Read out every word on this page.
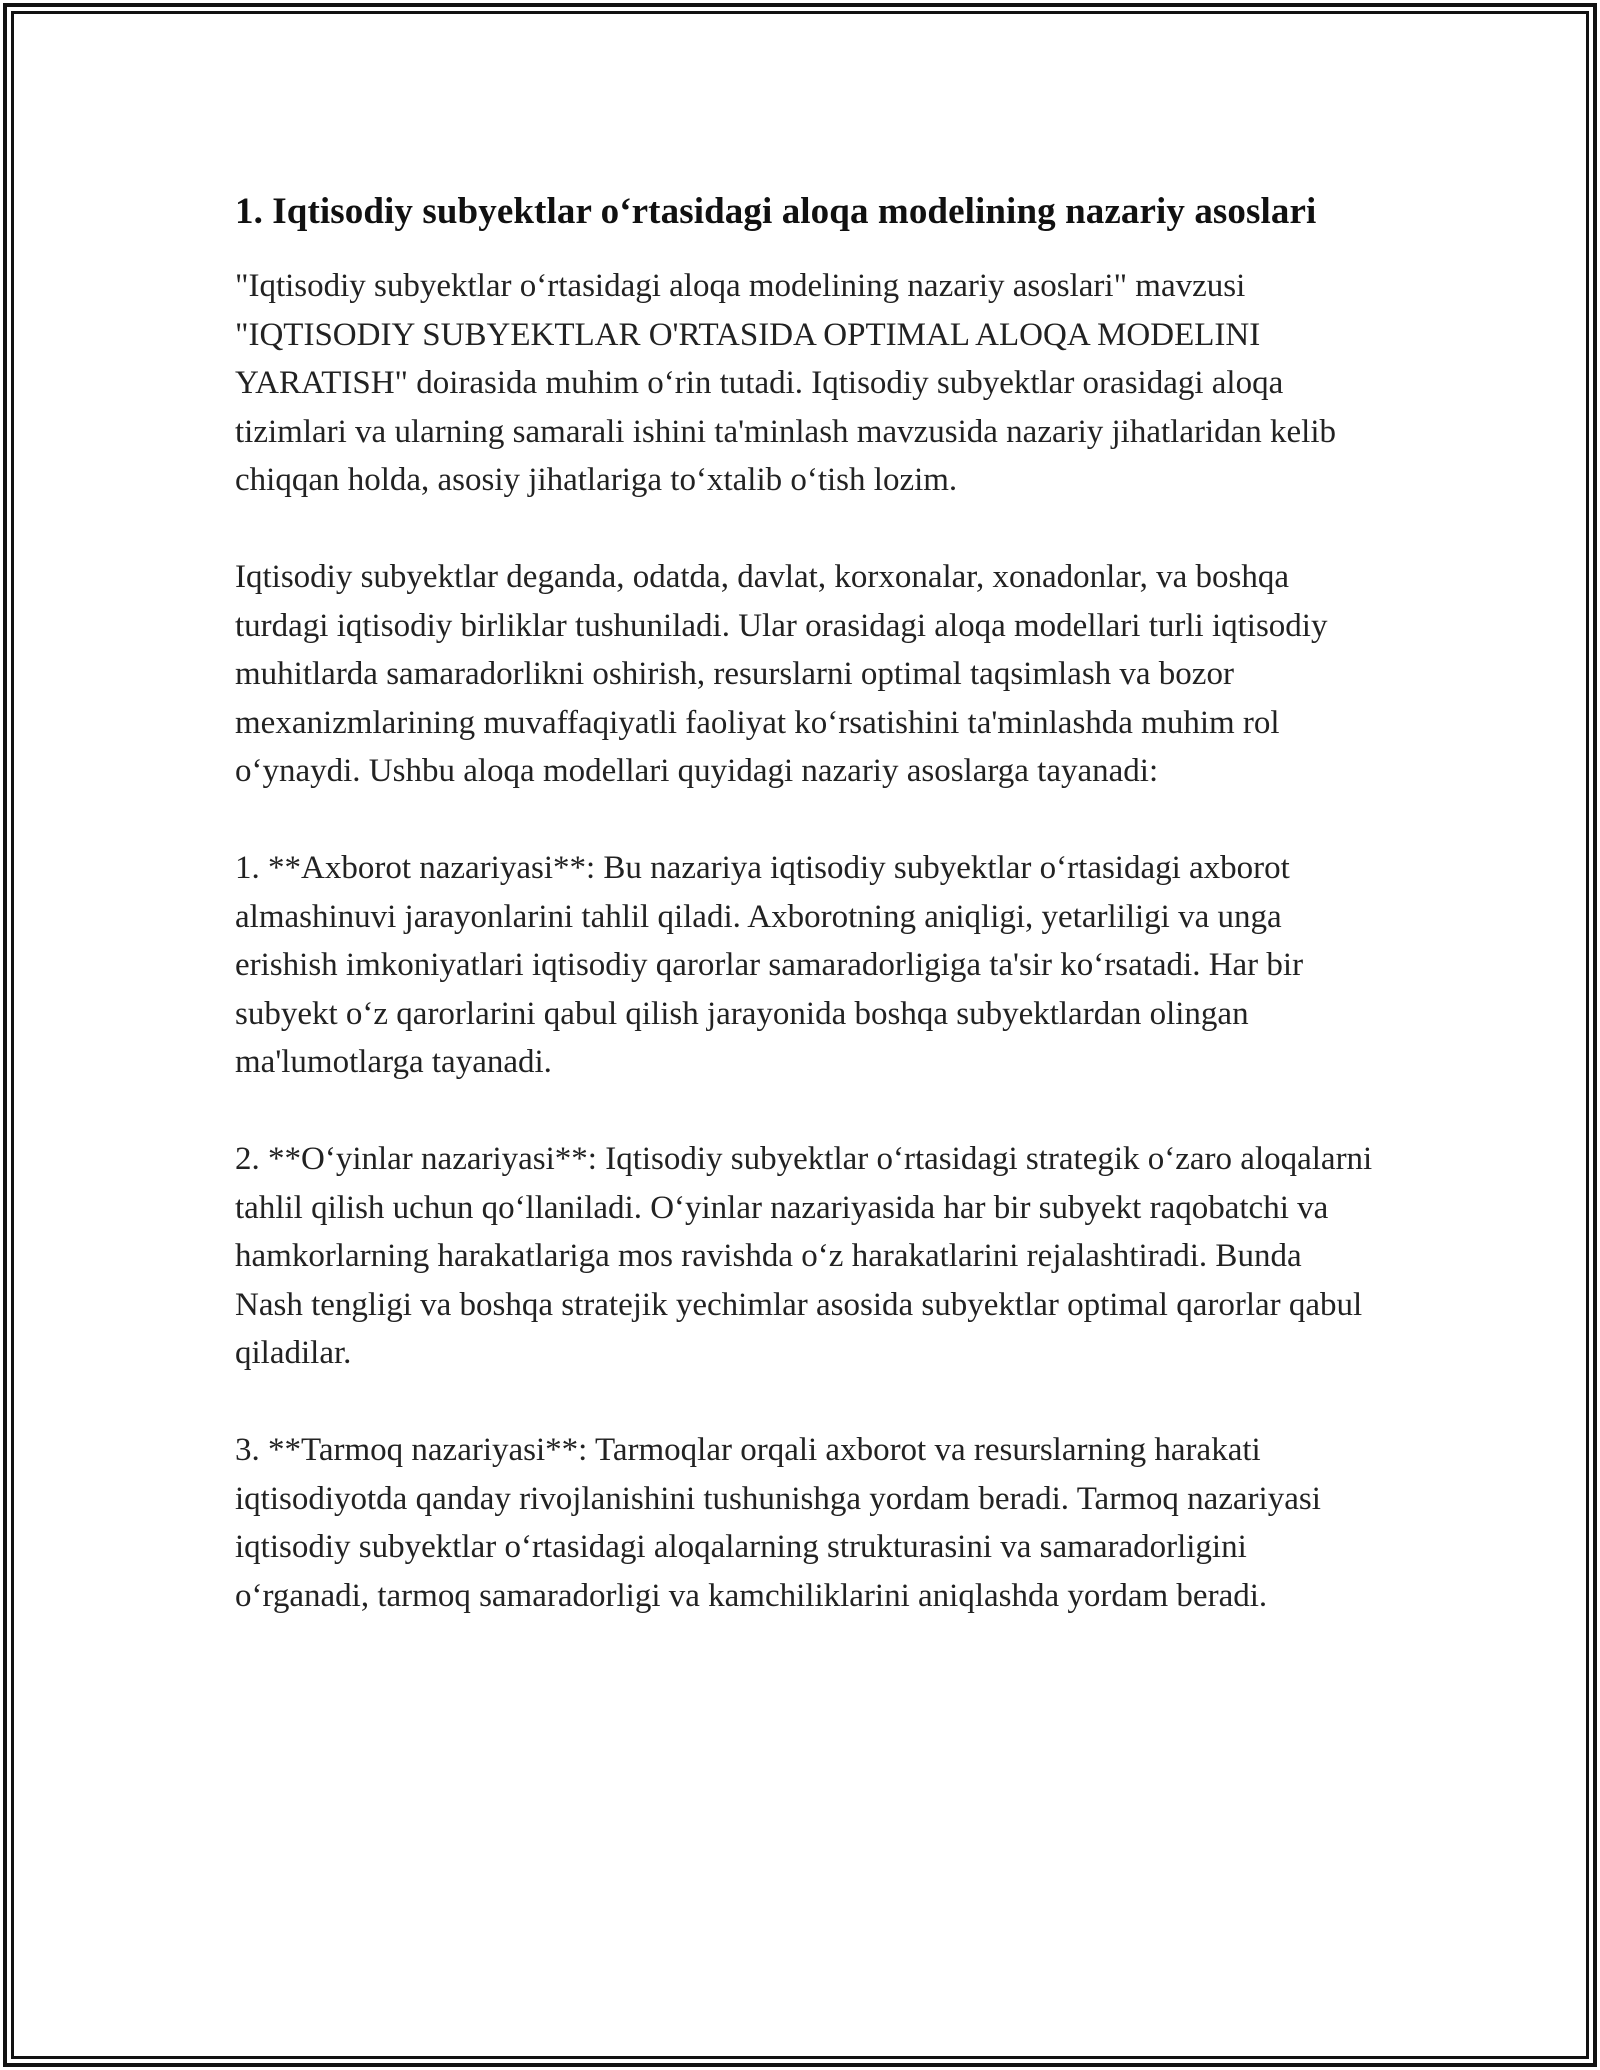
1. Iqtisodiy subyektlar o‘rtasidagi aloqa modelining nazariy asoslari

"Iqtisodiy subyektlar o‘rtasidagi aloqa modelining nazariy asoslari" mavzusi "IQTISODIY SUBYEKTLAR O'RTASIDA OPTIMAL ALOQA MODELINI YARATISH" doirasida muhim o‘rin tutadi. Iqtisodiy subyektlar orasidagi aloqa tizimlari va ularning samarali ishini ta'minlash mavzusida nazariy jihatlaridan kelib chiqqan holda, asosiy jihatlariga to‘xtalib o‘tish lozim.

Iqtisodiy subyektlar deganda, odatda, davlat, korxonalar, xonadonlar, va boshqa turdagi iqtisodiy birliklar tushuniladi. Ular orasidagi aloqa modellari turli iqtisodiy muhitlarda samaradorlikni oshirish, resurslarni optimal taqsimlash va bozor mexanizmlarining muvaffaqiyatli faoliyat ko‘rsatishini ta'minlashda muhim rol o‘ynaydi. Ushbu aloqa modellari quyidagi nazariy asoslarga tayanadi:

1. **Axborot nazariyasi**: Bu nazariya iqtisodiy subyektlar o‘rtasidagi axborot almashinuvi jarayonlarini tahlil qiladi. Axborotning aniqligi, yetarliligi va unga erishish imkoniyatlari iqtisodiy qarorlar samaradorligiga ta'sir ko‘rsatadi. Har bir subyekt o‘z qarorlarini qabul qilish jarayonida boshqa subyektlardan olingan ma'lumotlarga tayanadi.

2. **O‘yinlar nazariyasi**: Iqtisodiy subyektlar o‘rtasidagi strategik o‘zaro aloqalarni tahlil qilish uchun qo‘llaniladi. O‘yinlar nazariyasida har bir subyekt raqobatchi va hamkorlarning harakatlariga mos ravishda o‘z harakatlarini rejalashtiradi. Bunda Nash tengligi va boshqa stratejik yechimlar asosida subyektlar optimal qarorlar qabul qiladilar.

3. **Tarmoq nazariyasi**: Tarmoqlar orqali axborot va resurslarning harakati iqtisodiyotda qanday rivojlanishini tushunishga yordam beradi. Tarmoq nazariyasi iqtisodiy subyektlar o‘rtasidagi aloqalarning strukturasini va samaradorligini o‘rganadi, tarmoq samaradorligi va kamchiliklarini aniqlashda yordam beradi.
